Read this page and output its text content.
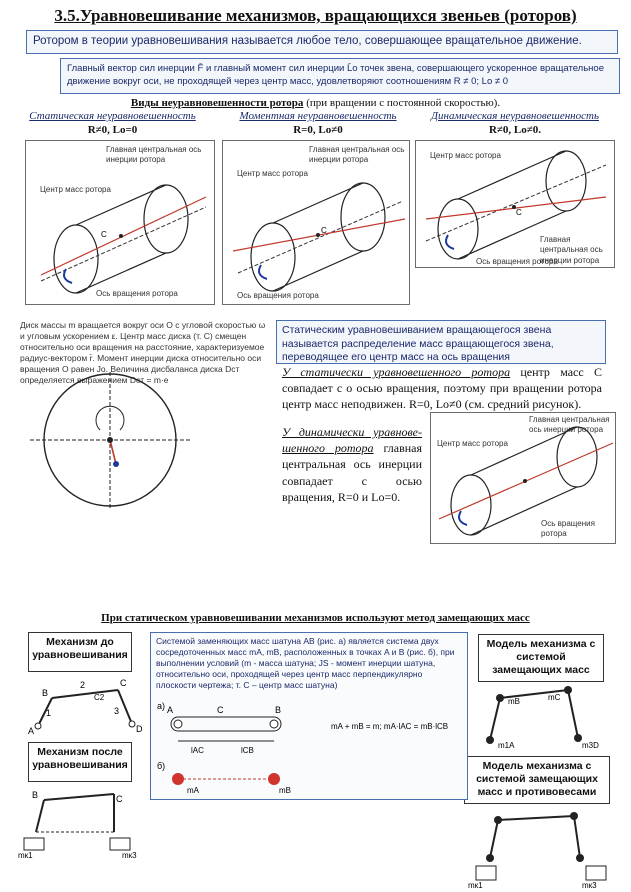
3.5.Уравновешивание механизмов, вращающихся звеньев (роторов)
Ротором в теории уравновешивания называется любое тело, совершающее вращательное движение.
Главный вектор сил инерции F̄ и главный момент сил инерции L̄o точек звена, совершающего ускоренное вращательное движение вокруг оси, не проходящей через центр масс, удовлетворяют соотношениям R ≠ 0; Lo ≠ 0
Виды неуравновешенности ротора (при вращении с постоянной скоростью).
Статическая неуравновешенность	Моментная неуравновешенность	Динамическая неуравновешенность
R≠0, Lo=0	R=0, Lo≠0	R≠0, Lo≠0.
C
Главная центральная ось инерции ротора
Центр масс ротора
Ось вращения ротора
C
Главная центральная ось инерции ротора
Центр масс ротора
Ось вращения ротора
C
Центр масс ротора
Главная центральная ось инерции ротора
Ось вращения ротора
Диск массы m вращается вокруг оси O с угловой скоростью ω и угловым ускорением ε. Центр масс диска (т. C) смещен относительно оси вращения на расстояние, характеризуемое радиус-вектором r̄. Момент инерции диска относительно оси вращения O равен Jo. Величина дисбаланса диска Dст определяется выражением Dст = m·e
Статическим уравновешиванием вращающегося звена называется распределение масс вращающегося звена, переводящее его центр масс на ось вращения
У статически уравновешенного ротора центр масс C совпадает с о осью вращения, поэтому при вращении ротора центр масс неподвижен. R=0, Lo≠0 (см. средний рисунок).
У динамически уравнове-шенного ротора главная центральная ось инерции совпадает с осью вращения, R=0 и Lo=0.
Главная центральная ось инерции ротора
Центр масс ротора
Ось вращения ротора
При статическом уравновешивании механизмов используют метод замещающих масс
Механизм до уравновешивания
Механизм после уравновешивания
Модель механизма с системой замещающих масс
Модель механизма с системой замещающих масс и противовесами
Системой заменяющих масс шатуна AB (рис. а) является система двух сосредоточенных масс mA, mB, расположенных в точках A и B (рис. б), при выполнении условий (m - масса шатуна; JS - момент инерции шатуна, относительно оси, проходящей через центр масс перпендикулярно плоскости чертежа; т. C – центр масс шатуна)
а) A	B
C
lAC	lCB
mA + mB = m; mA·lAC = mB·lCB
б)
mA	mB
A
B
C
D
1
2
3
C2
B	C
mк1	mк3
mB	mC
m1A	m3D
mк1	mк3
